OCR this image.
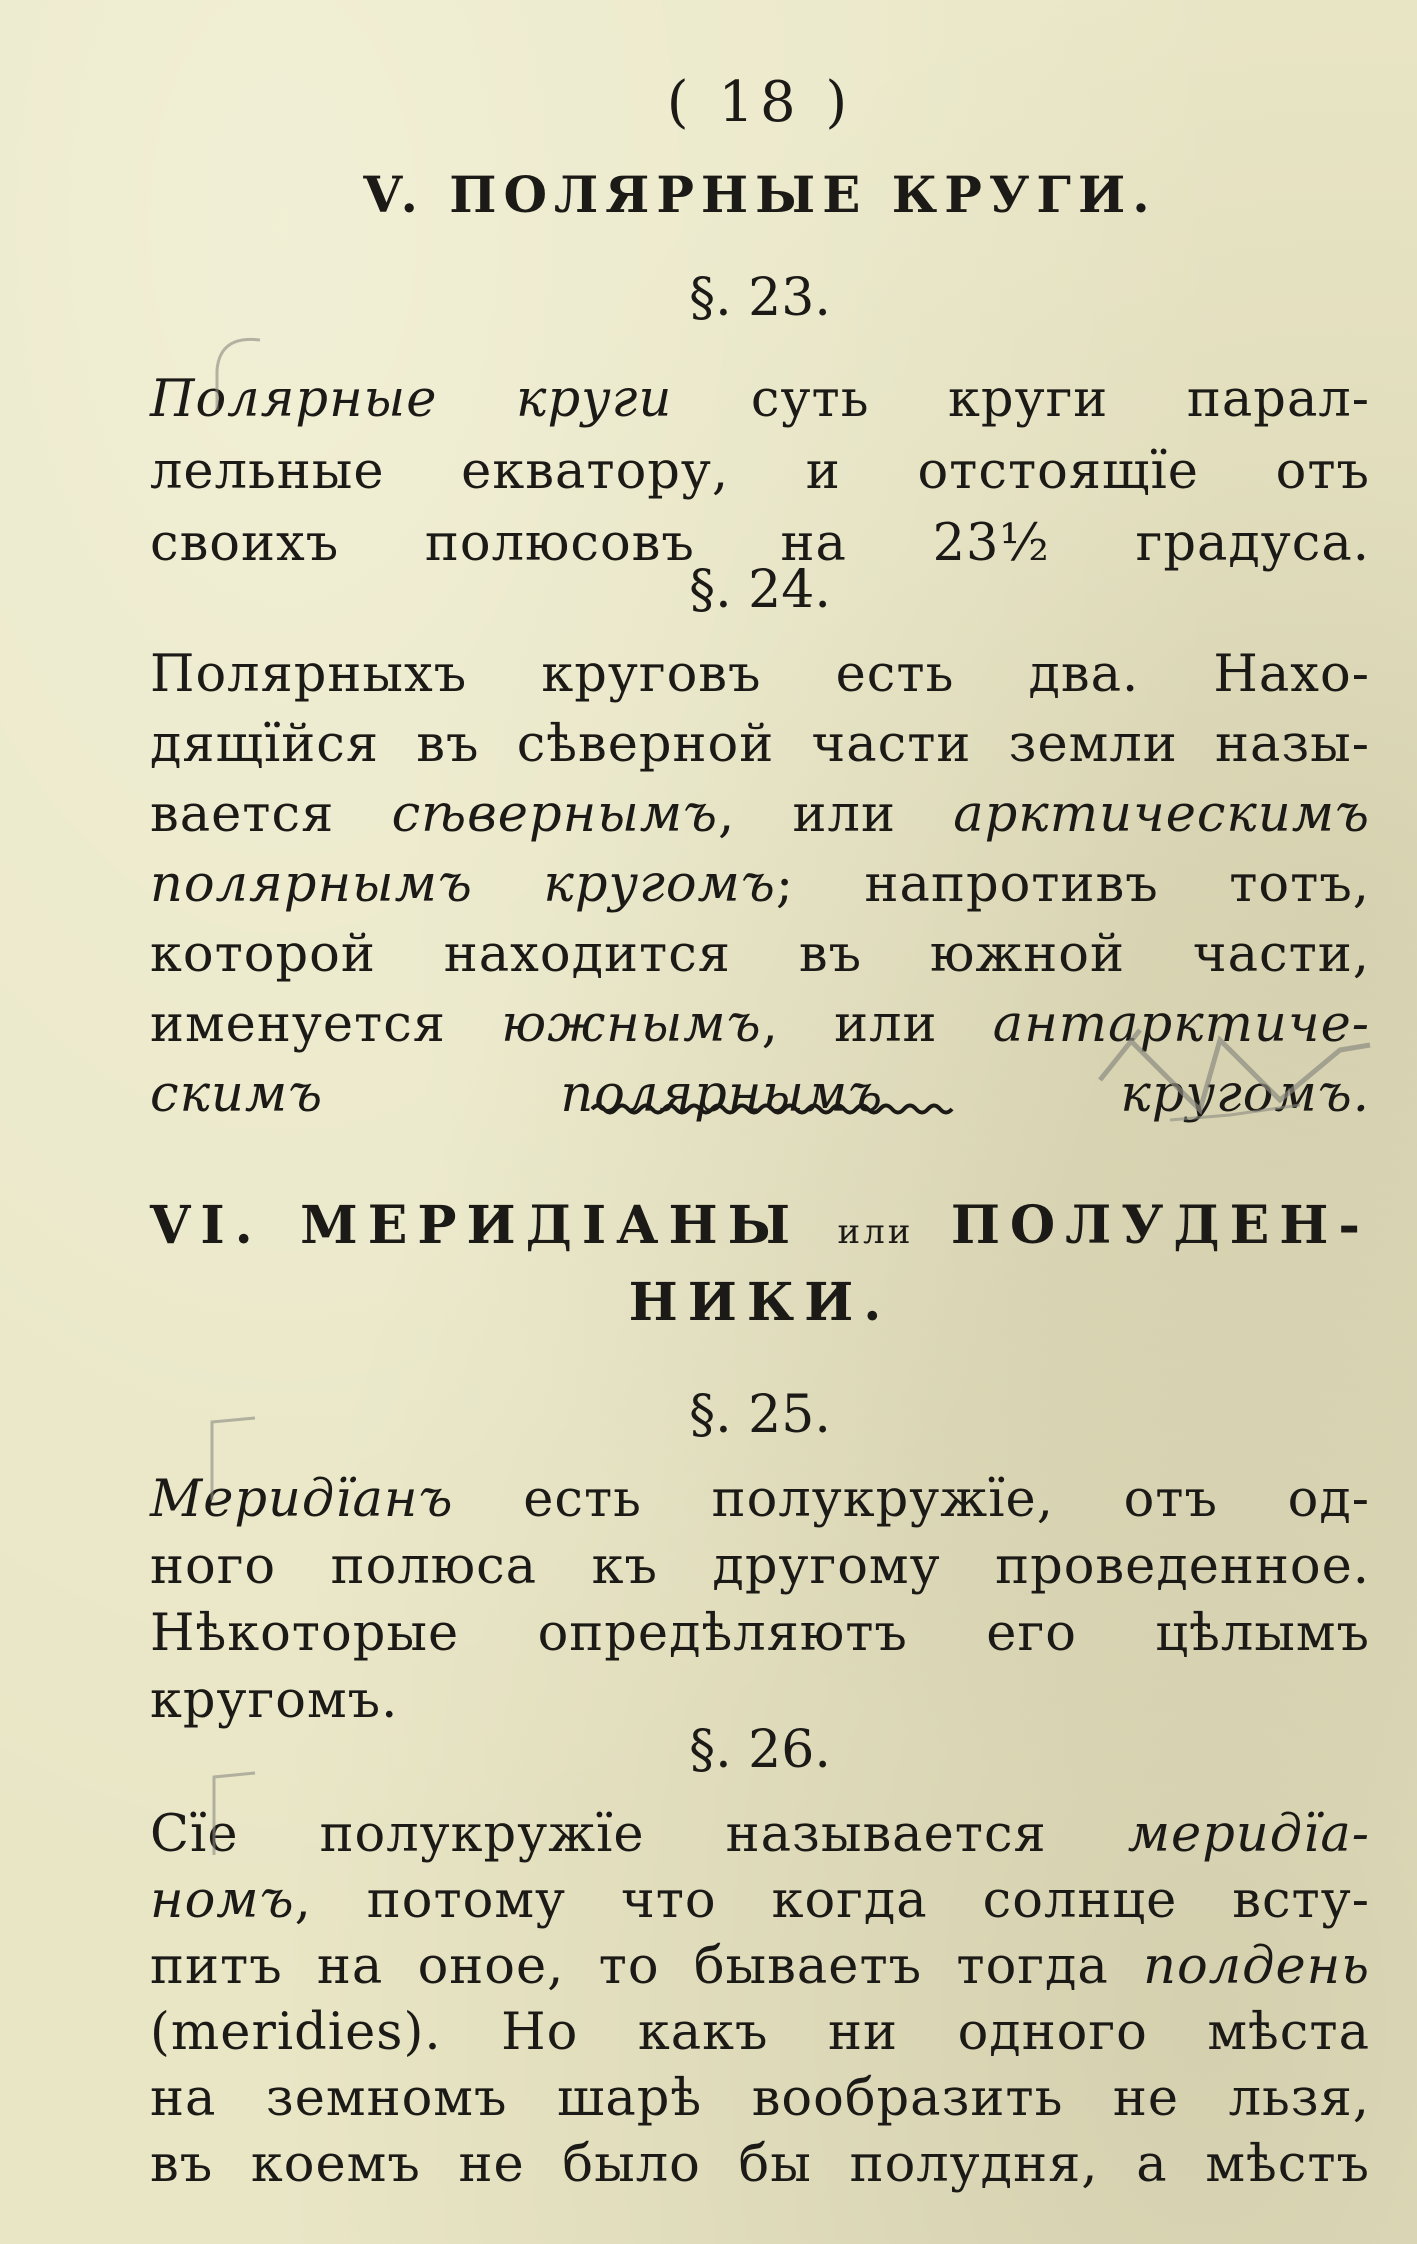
( 18 )
V. ПОЛЯРНЫЕ КРУГИ.
§. 23.
Полярные круги суть круги парал-
лельные екватору, и отстоящїе отъ
своихъ полюсовъ на 23½ градуса.
§. 24.
Полярныхъ круговъ есть два. Нахо-
дящїйся въ сѣверной части земли назы-
вается сѣвернымъ, или арктическимъ
полярнымъ кругомъ; напротивъ тотъ,
которой находится въ южной части,
именуется южнымъ, или антарктиче-
скимъ полярнымъ кругомъ.
VI. МЕРИДІАНЫ или ПОЛУДЕН-
НИКИ.
§. 25.
Меридїанъ есть полукружїе, отъ од-
ного полюса къ другому проведенное.
Нѣкоторые опредѣляютъ его цѣлымъ
кругомъ.
§. 26.
Сїе полукружїе называется меридїа-
номъ, потому что когда солнце всту-
питъ на оное, то бываетъ тогда полдень
(meridies). Но какъ ни одного мѣста
на земномъ шарѣ вообразить не льзя,
въ коемъ не было бы полудня, а мѣстъ
